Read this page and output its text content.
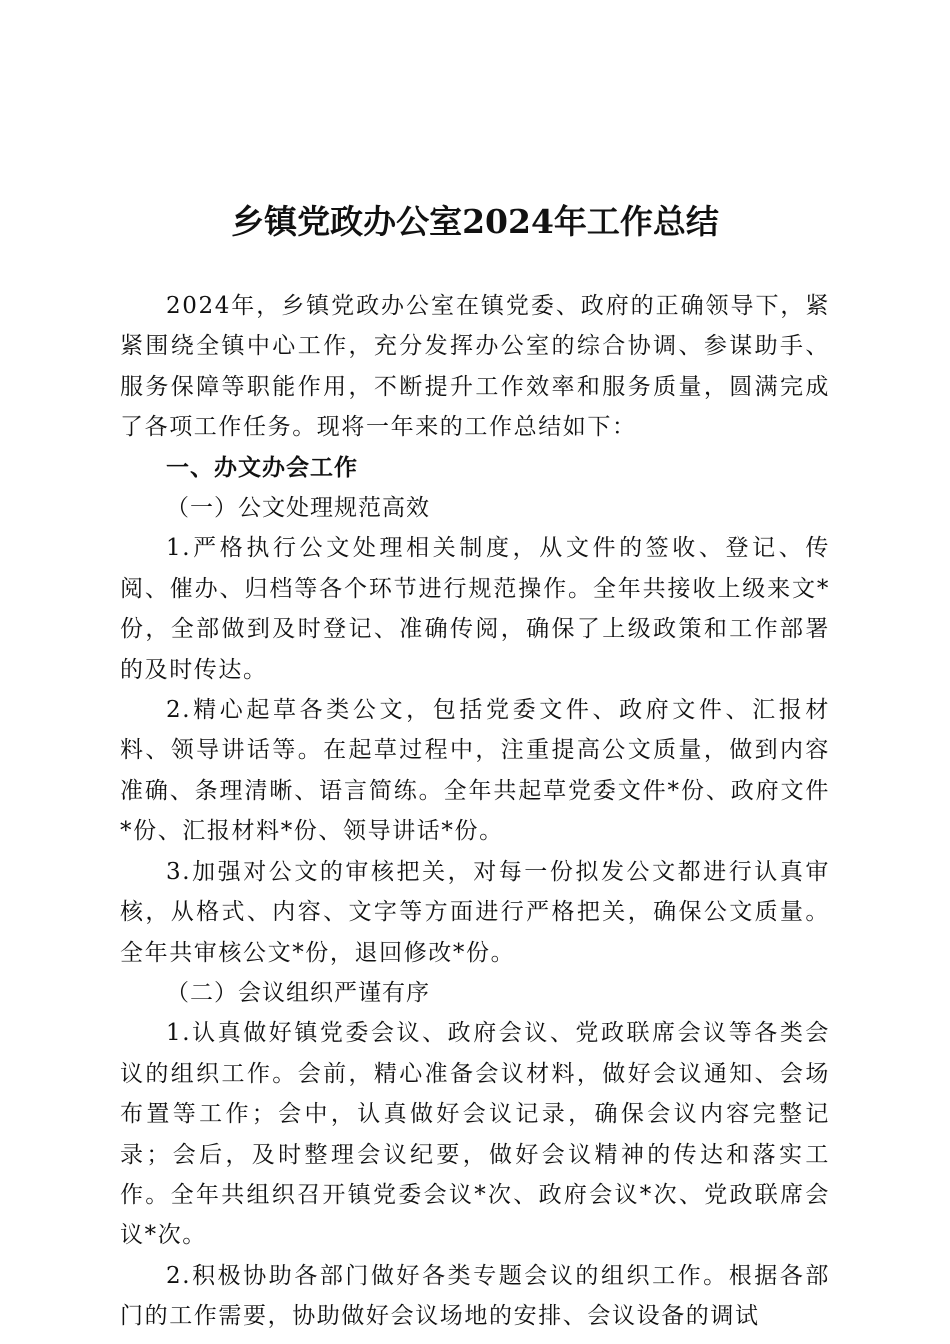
乡镇党政办公室2024年工作总结

2024年，乡镇党政办公室在镇党委、政府的正确领导下，紧紧围绕全镇中心工作，充分发挥办公室的综合协调、参谋助手、服务保障等职能作用，不断提升工作效率和服务质量，圆满完成了各项工作任务。现将一年来的工作总结如下：

一、办文办会工作

（一）公文处理规范高效

1.严格执行公文处理相关制度，从文件的签收、登记、传阅、催办、归档等各个环节进行规范操作。全年共接收上级来文*份，全部做到及时登记、准确传阅，确保了上级政策和工作部署的及时传达。

2.精心起草各类公文，包括党委文件、政府文件、汇报材料、领导讲话等。在起草过程中，注重提高公文质量，做到内容准确、条理清晰、语言简练。全年共起草党委文件*份、政府文件*份、汇报材料*份、领导讲话*份。

3.加强对公文的审核把关，对每一份拟发公文都进行认真审核，从格式、内容、文字等方面进行严格把关，确保公文质量。全年共审核公文*份，退回修改*份。

（二）会议组织严谨有序

1.认真做好镇党委会议、政府会议、党政联席会议等各类会议的组织工作。会前，精心准备会议材料，做好会议通知、会场布置等工作；会中，认真做好会议记录，确保会议内容完整记录；会后，及时整理会议纪要，做好会议精神的传达和落实工作。全年共组织召开镇党委会议*次、政府会议*次、党政联席会议*次。

2.积极协助各部门做好各类专题会议的组织工作。根据各部门的工作需要，协助做好会议场地的安排、会议设备的调试
